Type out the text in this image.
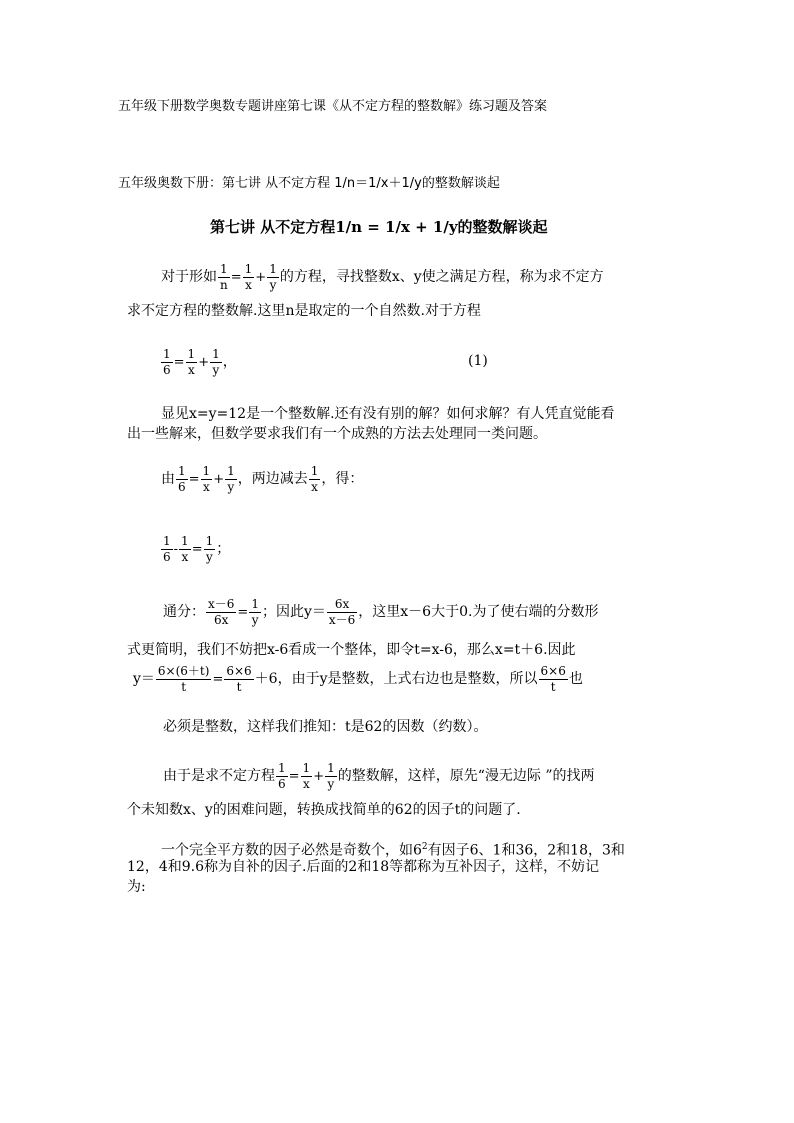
五年级下册数学奥数专题讲座第七课《从不定方程的整数解》练习题及答案
五年级奥数下册：第七讲 从不定方程 1/n＝1/x＋1/y的整数解谈起
第七讲 从不定方程1/n = 1/x + 1/y的整数解谈起
对于形如 $\frac{1}{n} = \frac{1}{x} + \frac{1}{y}$ 的方程，寻找整数x、y使之满足方程，称为求不定方
求不定方程的整数解.这里n是取定的一个自然数.对于方程
$\frac{1}{6} = \frac{1}{x} + \frac{1}{y}$ ，	(1)
显见x=y=12是一个整数解.还有没有别的解？如何求解？有人凭直觉能看
出一些解来，但数学要求我们有一个成熟的方法去处理同一类问题。
由 $\frac{1}{6} = \frac{1}{x} + \frac{1}{y}$ ，两边减去 $\frac{1}{x}$ ，得：
$\frac{1}{6} - \frac{1}{x} = \frac{1}{y}$ ；
通分： $\frac{x-6}{6x} = \frac{1}{y}$ ；因此$y= \frac{6x}{x-6}$ ，这里x－6大于0.为了使右端的分数形
式更简明，我们不妨把x-6看成一个整体，即令t=x-6，那么x=t＋6.因此
$y= \frac{6\times(6+t)}{t} = \frac{6\times 6}{t} +6$，由于y是整数，上式右边也是整数，所以 $\frac{6\times 6}{t}$ 也
必须是整数，这样我们推知：t是62的因数（约数）。
由于是求不定方程 $\frac{1}{6} = \frac{1}{x} + \frac{1}{y}$ 的整数解，这样，原先“漫无边际 ”的找两
个未知数x、y的困难问题，转换成找简单的62的因子t的问题了.
一个完全平方数的因子必然是奇数个，如$6^2$有因子6、1和36，2和18，3和
12，4和9.6称为自补的因子.后面的2和18等都称为互补因子，这样，不妨记
为:
